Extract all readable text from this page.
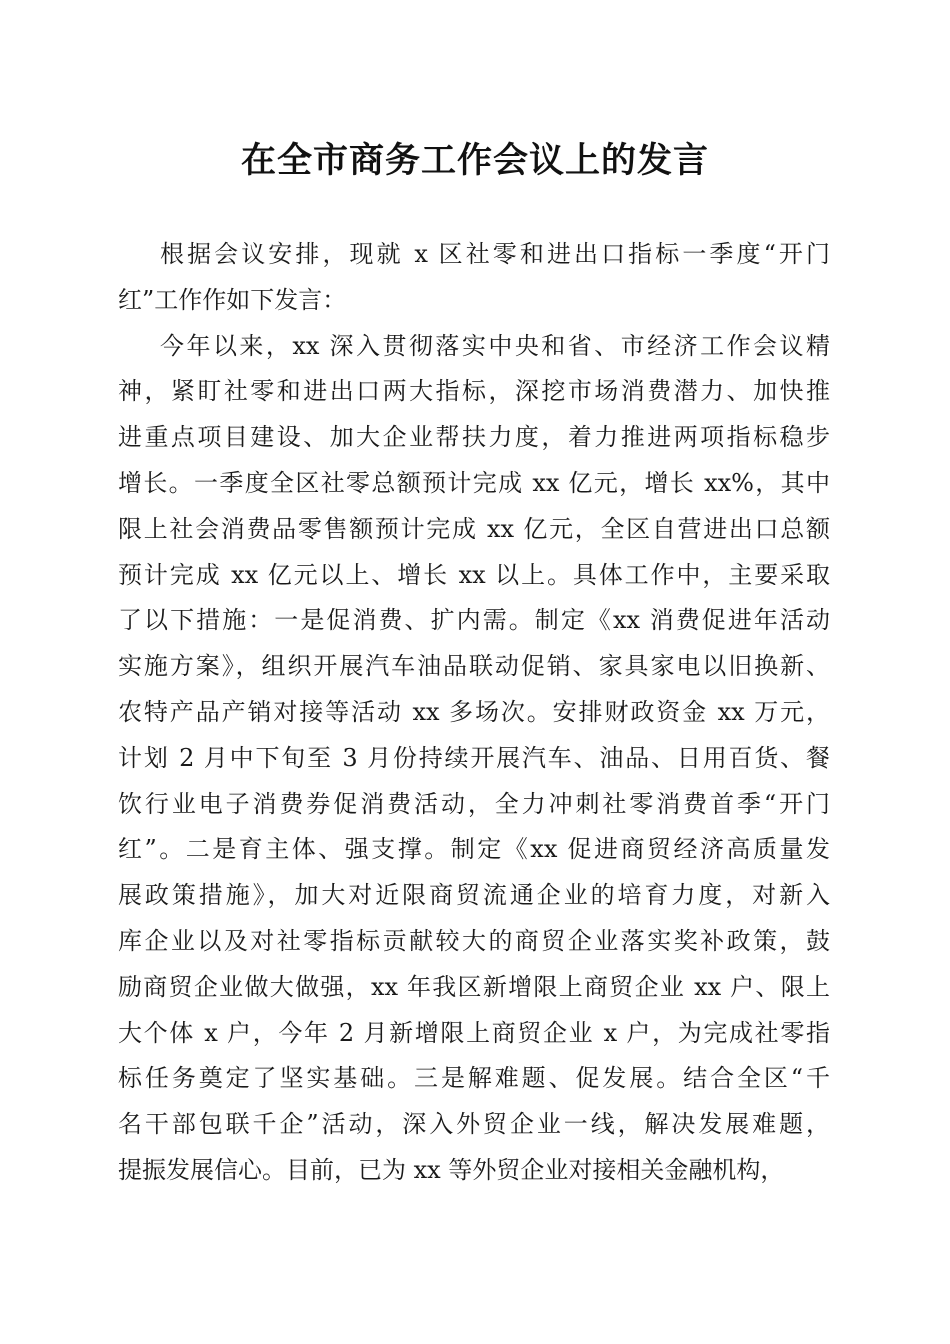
在全市商务工作会议上的发言
根据会议安排，现就 x 区社零和进出口指标一季度“开门
红”工作作如下发言：
今年以来，xx 深入贯彻落实中央和省、市经济工作会议精
神，紧盯社零和进出口两大指标，深挖市场消费潜力、加快推
进重点项目建设、加大企业帮扶力度，着力推进两项指标稳步
增长。一季度全区社零总额预计完成 xx 亿元，增长 xx%，其中
限上社会消费品零售额预计完成 xx 亿元，全区自营进出口总额
预计完成 xx 亿元以上、增长 xx 以上。具体工作中，主要采取
了以下措施：一是促消费、扩内需。制定《xx 消费促进年活动
实施方案》，组织开展汽车油品联动促销、家具家电以旧换新、
农特产品产销对接等活动 xx 多场次。安排财政资金 xx 万元，
计划 2 月中下旬至 3 月份持续开展汽车、油品、日用百货、餐
饮行业电子消费券促消费活动，全力冲刺社零消费首季“开门
红”。二是育主体、强支撑。制定《xx 促进商贸经济高质量发
展政策措施》，加大对近限商贸流通企业的培育力度，对新入
库企业以及对社零指标贡献较大的商贸企业落实奖补政策，鼓
励商贸企业做大做强，xx 年我区新增限上商贸企业 xx 户、限上
大个体 x 户，今年 2 月新增限上商贸企业 x 户，为完成社零指
标任务奠定了坚实基础。三是解难题、促发展。结合全区“千
名干部包联千企”活动，深入外贸企业一线，解决发展难题，
提振发展信心。目前，已为 xx 等外贸企业对接相关金融机构，
